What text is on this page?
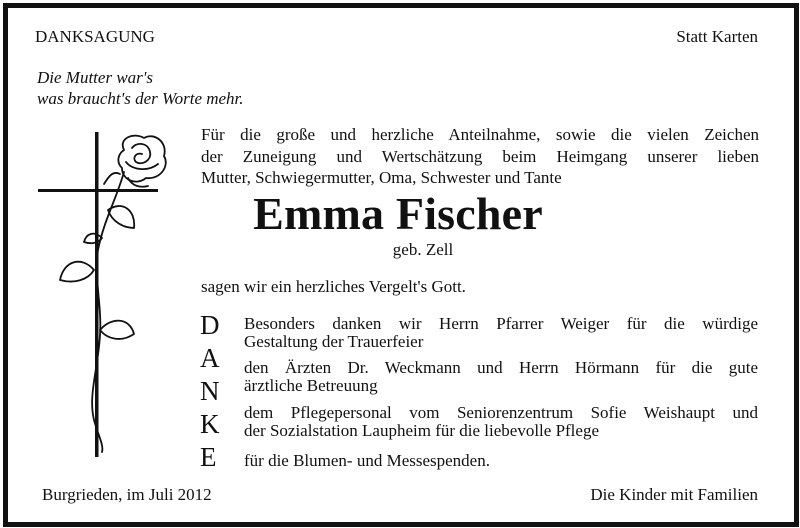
DANKSAGUNG	Statt Karten
Die Mutter war's
was braucht's der Worte mehr.
Für die große und herzliche Anteilnahme, sowie die vielen Zeichen
der Zuneigung und Wertschätzung beim Heimgang unserer lieben
Mutter, Schwiegermutter, Oma, Schwester und Tante
Emma Fischer
geb. Zell
sagen wir ein herzliches Vergelt's Gott.
D
A
N
K
E
Besonders danken wir Herrn Pfarrer Weiger für die würdige
Gestaltung der Trauerfeier
den Ärzten Dr. Weckmann und Herrn Hörmann für die gute
ärztliche Betreuung
dem Pflegepersonal vom Seniorenzentrum Sofie Weishaupt und
der Sozialstation Laupheim für die liebevolle Pflege
für die Blumen- und Messespenden.
Burgrieden, im Juli 2012	Die Kinder mit Familien
